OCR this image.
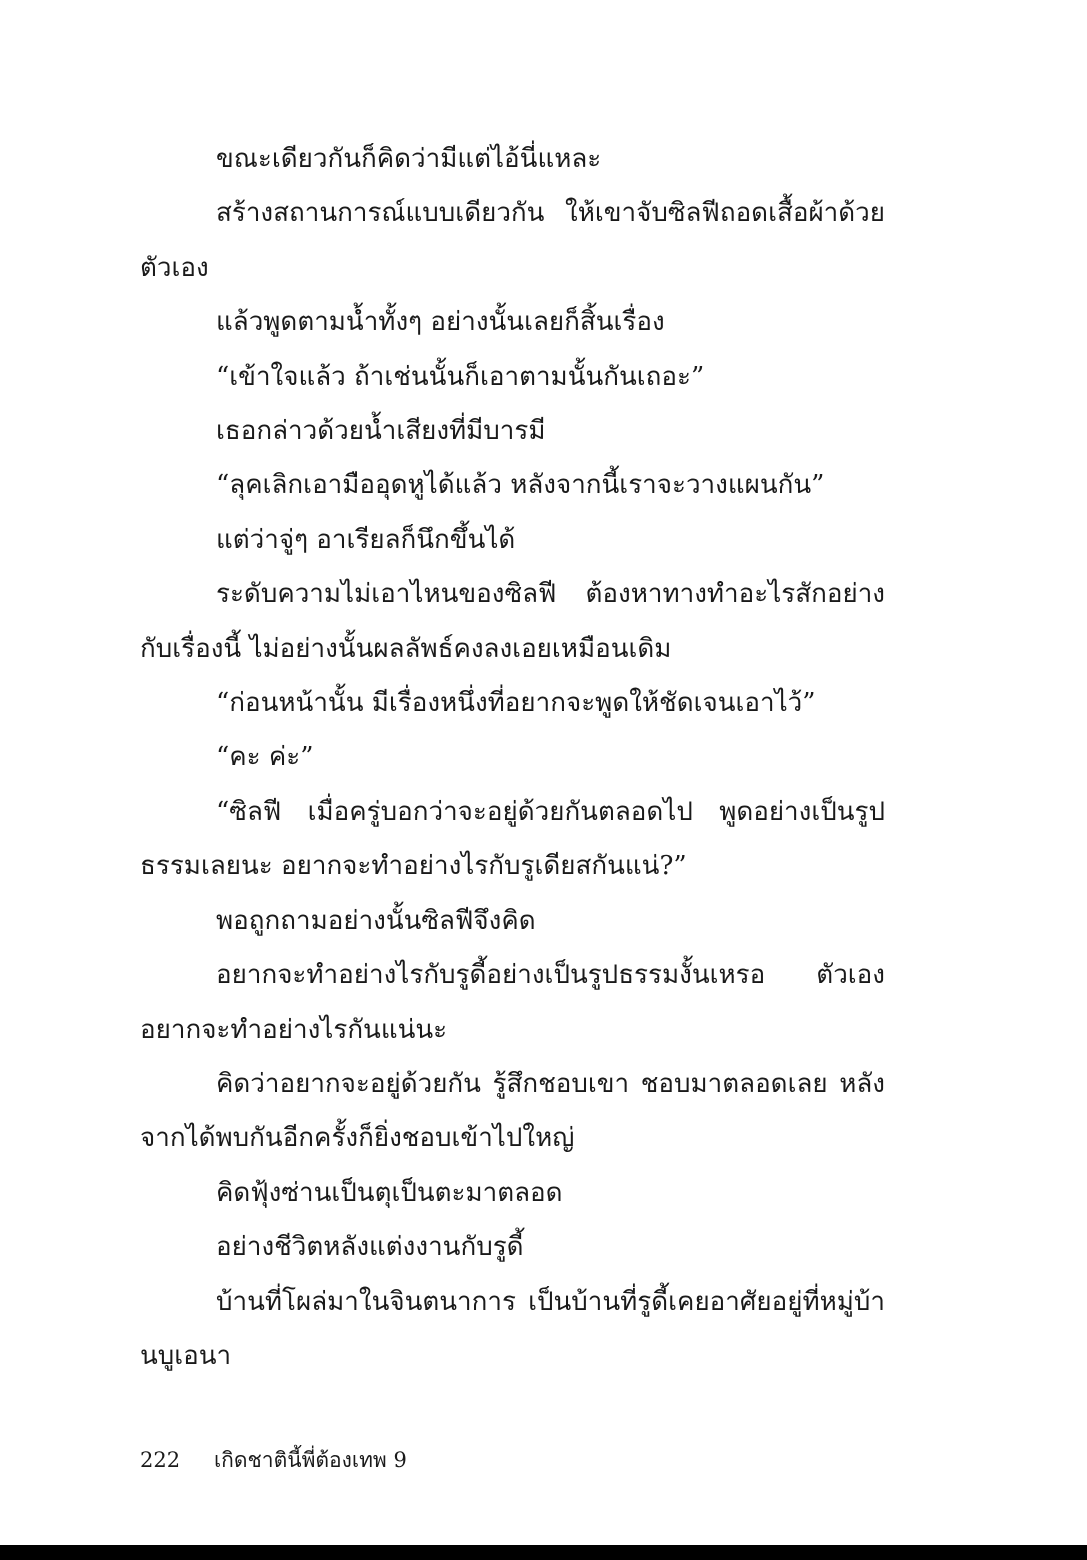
ขณะเดียวกันก็คิดว่ามีแต่ไอ้นี่แหละ

สร้างสถานการณ์แบบเดียวกัน ให้เขาจับซิลฟีถอดเสื้อผ้าด้วยตัวเอง

แล้วพูดตามน้ำทั้งๆ อย่างนั้นเลยก็สิ้นเรื่อง

“เข้าใจแล้ว ถ้าเช่นนั้นก็เอาตามนั้นกันเถอะ”

เธอกล่าวด้วยน้ำเสียงที่มีบารมี

“ลุคเลิกเอามืออุดหูได้แล้ว หลังจากนี้เราจะวางแผนกัน”

แต่ว่าจู่ๆ อาเรียลก็นึกขึ้นได้

ระดับความไม่เอาไหนของซิลฟี ต้องหาทางทำอะไรสักอย่างกับเรื่องนี้ ไม่อย่างนั้นผลลัพธ์คงลงเอยเหมือนเดิม

“ก่อนหน้านั้น มีเรื่องหนึ่งที่อยากจะพูดให้ชัดเจนเอาไว้”

“คะ ค่ะ”

“ซิลฟี เมื่อครู่บอกว่าจะอยู่ด้วยกันตลอดไป พูดอย่างเป็นรูปธรรมเลยนะ อยากจะทำอย่างไรกับรูเดียสกันแน่?”

พอถูกถามอย่างนั้นซิลฟีจึงคิด

อยากจะทำอย่างไรกับรูดี้อย่างเป็นรูปธรรมงั้นเหรอ ตัวเองอยากจะทำอย่างไรกันแน่นะ

คิดว่าอยากจะอยู่ด้วยกัน รู้สึกชอบเขา ชอบมาตลอดเลย หลังจากได้พบกันอีกครั้งก็ยิ่งชอบเข้าไปใหญ่

คิดฟุ้งซ่านเป็นตุเป็นตะมาตลอด

อย่างชีวิตหลังแต่งงานกับรูดี้

บ้านที่โผล่มาในจินตนาการ เป็นบ้านที่รูดี้เคยอาศัยอยู่ที่หมู่บ้านบูเอนา

222 เกิดชาตินี้พี่ต้องเทพ 9
